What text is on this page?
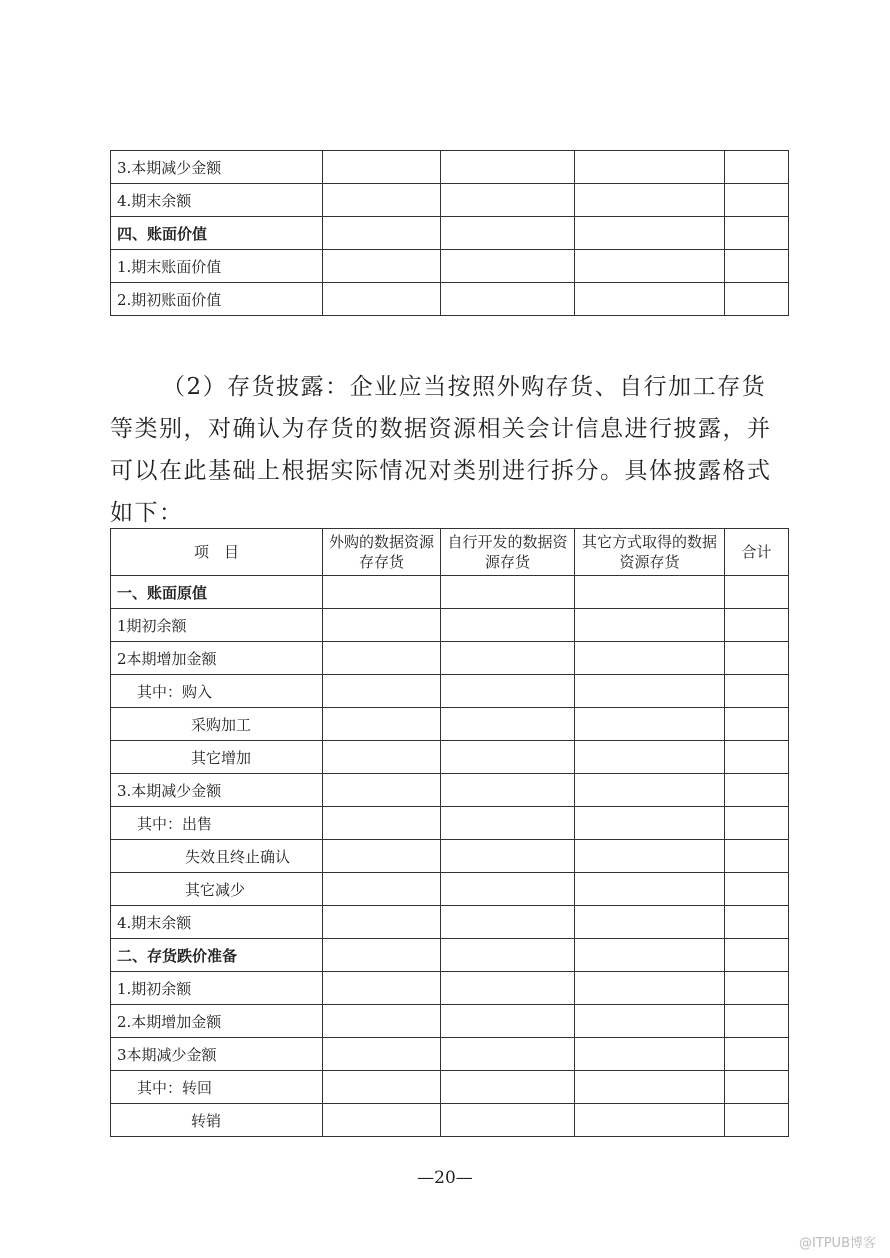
3.本期减少金额				
4.期末余额				
四、账面价值				
1.期末账面价值				
2.期初账面价值				

（2）存货披露：企业应当按照外购存货、自行加工存货等类别，对确认为存货的数据资源相关会计信息进行披露，并可以在此基础上根据实际情况对类别进行拆分。具体披露格式如下：

项　目	外购的数据资源存存货	自行开发的数据资源存货	其它方式取得的数据资源存货	合计
一、账面原值				
1期初余额				
2本期增加金额				
其中：购入				
采购加工				
其它增加				
3.本期减少金额				
其中：出售				
失效且终止确认				
其它减少				
4.期末余额				
二、存货跌价准备				
1.期初余额				
2.本期增加金额				
3本期减少金额				
其中：转回				
转销				
—20—
@ITPUB博客
